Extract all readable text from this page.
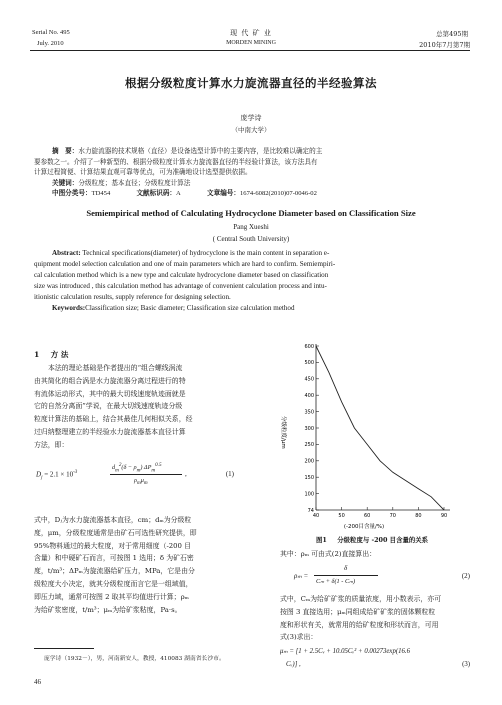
Serial No. 495
July. 2010
现 代 矿 业
MORDEN MINING
总第495期
2010年7月第7期
根据分级粒度计算水力旋流器直径的半经验算法
庞学诗
（中南大学）
摘　要：水力旋流器的技术规格（直径）是设备选型计算中的主要内容，是比较难以确定的主
要参数之一。介绍了一种新型的、根据分级粒度计算水力旋流器直径的半经验计算法，该方法具有
计算过程简便、计算结果直观可靠等优点，可为准确地设计选型提供依据。
关键词：分级粒度；基本直径；分级粒度计算法
中图分类号：TD454	文献标识码：A	文章编号：1674-6082(2010)07-0046-02
Semiempirical method of Calculating Hydrocyclone Diameter based on Classification Size
Pang Xueshi
( Central South University)
Abstract: Technical specifications(diameter) of hydrocyclone is the main content in separation e-
quipment model selection calculation and one of main parameters which are hard to confirm. Semiempiri-
cal calculation method which is a new type and calculate hydrocyclone diameter based on classification
size was introduced , this calculation method has advantage of convenient calculation process and intu-
itionistic calculation results, supply reference for designing selection.
Keywords:Classification size; Basic diameter; Classification size calculation method
1 方 法
本法的理论基础是作者提出的“组合螺线涡流
由其简化的组合涡是水力旋流器分离过程进行的特
有流体运动形式，其中的最大切线速度轨迹面就是
它的自然分离面”学说，在最大切线速度轨迹分级
粒度计算法的基础上，结合其最佳几何相似关系，经
过归纳整理建立的半经验水力旋流器基本直径计算
方法，即：
$D_j = 2.1 \times 10^{-3}$
$d_m^2(\delta - \rho_m)$ $\Delta P_m^{0.5}$
$\rho_m\mu_m$
,	(1)
式中，Dⱼ为水力旋流器基本直径，cm；dₘ为分级粒
度，μm，分级粒度通常是由矿石可选性研究提供，即
95%物料通过的最大粒度，对于常用细度（-200 目
含量）和中硬矿石而言，可按图 1 选用；δ 为矿石密
度，t/m³；ΔPₘ为旋流器给矿压力，MPa，它是由分
级粒度大小决定，就其分级粒度而言它是一组域值，
即压力域，通常可按图 2 取其平均值进行计算；ρₘ
为给矿浆密度，t/m³；μₘ为给矿浆粘度，Pa·s。
分级粒度/μm
74
100
150
200
250
300
350
400
450
500
600
40	50	60	70	80	90
(-200目含量/%)
图1 分级粒度与 -200 目含量的关系
其中：ρₘ 可由式(2)直接算出：
ρₘ =
δ
Cₘ + δ(1 - Cₘ)
(2)
式中，Cₘ为给矿矿浆的质量浓度，用小数表示，亦可
按图 3 直接选用；μₘ同组成给矿矿浆的固体颗粒粒
度和形状有关，就常用的给矿粒度和形状而言，可用
式(3)求出：
μₘ = [1 + 2.5Cᵥ + 10.05Cᵥ² + 0.00273exp(16.6
Cᵥ)] ,	(3)
庞学诗（1932－），男，河南新安人，教授，410083 湖南省长沙市。
46
